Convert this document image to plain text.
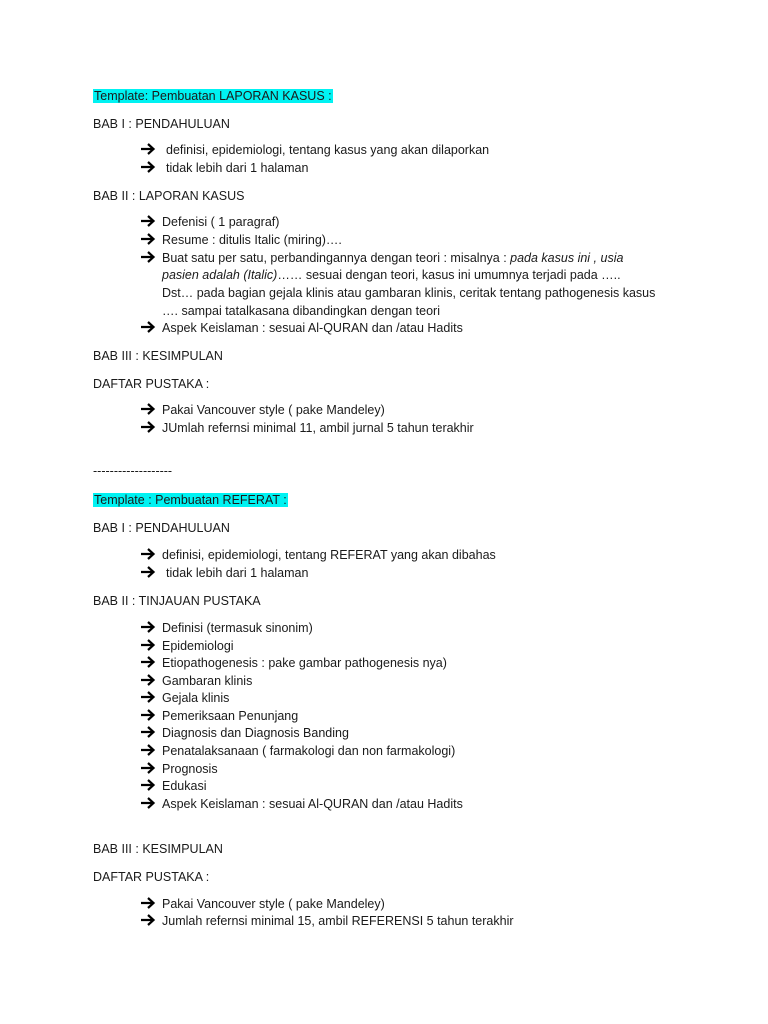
Template: Pembuatan LAPORAN KASUS :
BAB I : PENDAHULUAN
definisi, epidemiologi, tentang kasus yang akan dilaporkan
tidak lebih dari 1 halaman
BAB II : LAPORAN KASUS
Defenisi ( 1 paragraf)
Resume : ditulis Italic (miring)….
Buat satu per satu, perbandingannya dengan teori : misalnya : pada kasus ini , usia
pasien adalah (Italic)…… sesuai dengan teori, kasus ini umumnya terjadi pada …..
Dst… pada bagian gejala klinis atau gambaran klinis, ceritak tentang pathogenesis kasus
…. sampai tatalkasana dibandingkan dengan teori
Aspek Keislaman : sesuai Al-QURAN dan /atau Hadits
BAB III : KESIMPULAN
DAFTAR PUSTAKA :
Pakai Vancouver style ( pake Mandeley)
JUmlah refernsi minimal 11, ambil jurnal 5 tahun terakhir
-------------------
Template : Pembuatan REFERAT :
BAB I : PENDAHULUAN
definisi, epidemiologi, tentang REFERAT yang akan dibahas
tidak lebih dari 1 halaman
BAB II : TINJAUAN PUSTAKA
Definisi (termasuk sinonim)
Epidemiologi
Etiopathogenesis : pake gambar pathogenesis nya)
Gambaran klinis
Gejala klinis
Pemeriksaan Penunjang
Diagnosis dan Diagnosis Banding
Penatalaksanaan ( farmakologi dan non farmakologi)
Prognosis
Edukasi
Aspek Keislaman : sesuai Al-QURAN dan /atau Hadits
BAB III : KESIMPULAN
DAFTAR PUSTAKA :
Pakai Vancouver style ( pake Mandeley)
Jumlah refernsi minimal 15, ambil REFERENSI 5 tahun terakhir
